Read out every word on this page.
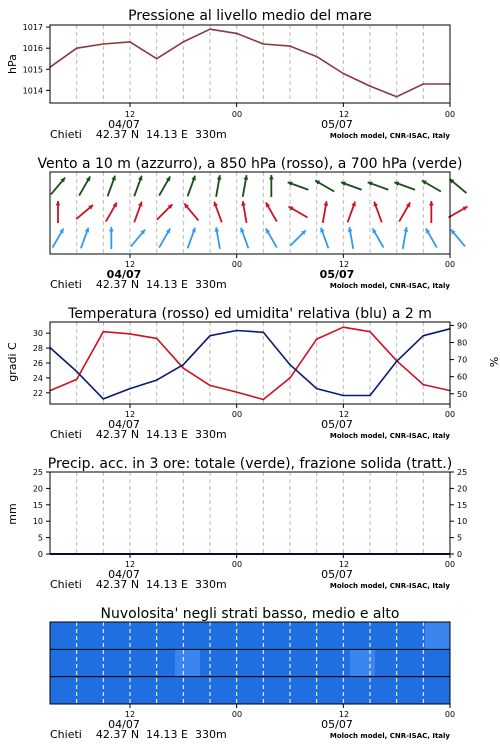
Pressione al livello medio del mare
hPa
1014
1015
1016
1017
12	00	12	00
04/07	05/07
Chieti    42.37 N  14.13 E  330m	Moloch model, CNR-ISAC, Italy
Vento a 10 m (azzurro), a 850 hPa (rosso), a 700 hPa (verde)
12	00	12	00
04/07	05/07
Chieti    42.37 N  14.13 E  330m	Moloch model, CNR-ISAC, Italy
Temperatura (rosso) ed umidita' relativa (blu) a 2 m
gradi C	%
22
24
26
28
30
50
60
70
80
90
12	00	12	00
04/07	05/07
Chieti    42.37 N  14.13 E  330m	Moloch model, CNR-ISAC, Italy
Precip. acc. in 3 ore: totale (verde), frazione solida (tratt.)
mm
0
5
10
15
20
25
0
5
10
15
20
25
12	00	12	00
04/07	05/07
Chieti    42.37 N  14.13 E  330m	Moloch model, CNR-ISAC, Italy
Nuvolosita' negli strati basso, medio e alto
12	00	12	00
04/07	05/07
Chieti    42.37 N  14.13 E  330m	Moloch model, CNR-ISAC, Italy
